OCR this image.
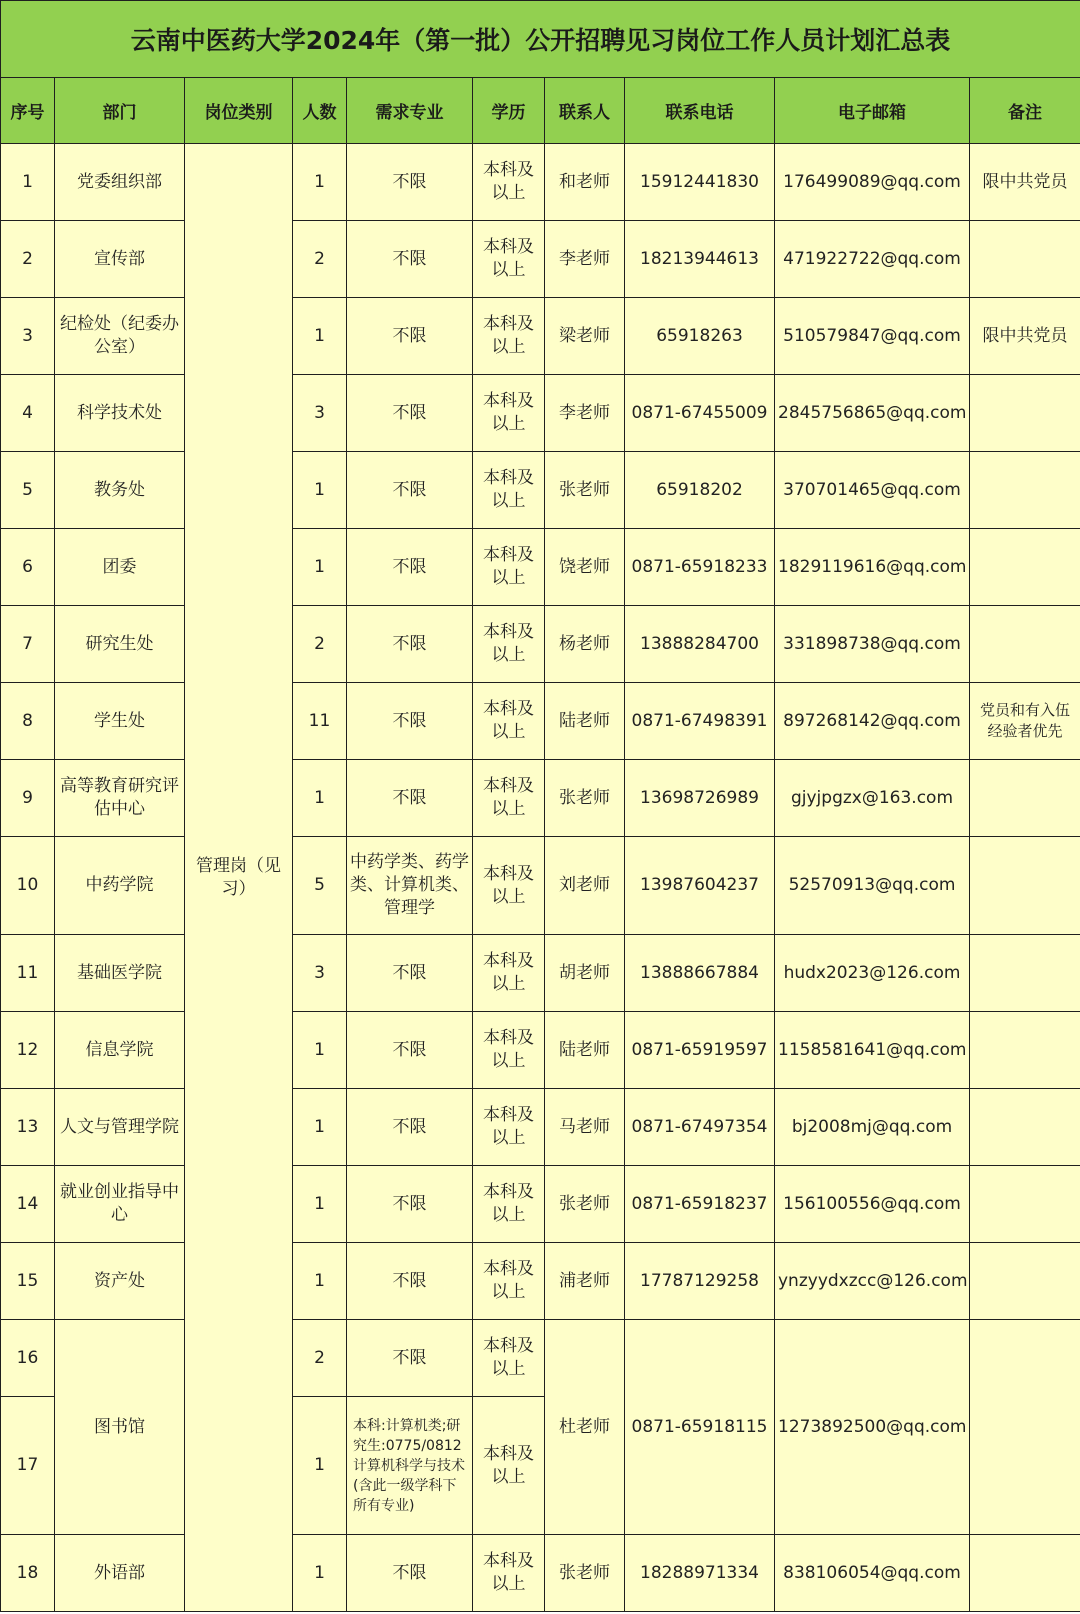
云南中医药大学2024年（第一批）公开招聘见习岗位工作人员计划汇总表									
序号	部门	岗位类别	人数	需求专业	学历	联系人	联系电话	电子邮箱	备注
1	党委组织部	管理岗（见习）	1	不限	本科及以上	和老师	15912441830	176499089@qq.com	限中共党员
2	宣传部		2	不限	本科及以上	李老师	18213944613	471922722@qq.com	
3	纪检处（纪委办公室）		1	不限	本科及以上	梁老师	65918263	510579847@qq.com	限中共党员
4	科学技术处		3	不限	本科及以上	李老师	0871-67455009	2845756865@qq.com	
5	教务处		1	不限	本科及以上	张老师	65918202	370701465@qq.com	
6	团委		1	不限	本科及以上	饶老师	0871-65918233	1829119616@qq.com	
7	研究生处		2	不限	本科及以上	杨老师	13888284700	331898738@qq.com	
8	学生处		11	不限	本科及以上	陆老师	0871-67498391	897268142@qq.com	党员和有入伍经验者优先
9	高等教育研究评估中心		1	不限	本科及以上	张老师	13698726989	gjyjpgzx@163.com	
10	中药学院		5	中药学类、药学类、计算机类、管理学	本科及以上	刘老师	13987604237	52570913@qq.com	
11	基础医学院		3	不限	本科及以上	胡老师	13888667884	hudx2023@126.com	
12	信息学院		1	不限	本科及以上	陆老师	0871-65919597	1158581641@qq.com	
13	人文与管理学院		1	不限	本科及以上	马老师	0871-67497354	bj2008mj@qq.com	
14	就业创业指导中心		1	不限	本科及以上	张老师	0871-65918237	156100556@qq.com	
15	资产处		1	不限	本科及以上	浦老师	17787129258	ynzyydxzcc@126.com	
16	图书馆		2	不限	本科及以上	杜老师	0871-65918115	1273892500@qq.com	
17			1	本科:计算机类;研究生:0775/0812计算机科学与技术(含此一级学科下所有专业)	本科及以上				
18	外语部		1	不限	本科及以上	张老师	18288971334	838106054@qq.com	
